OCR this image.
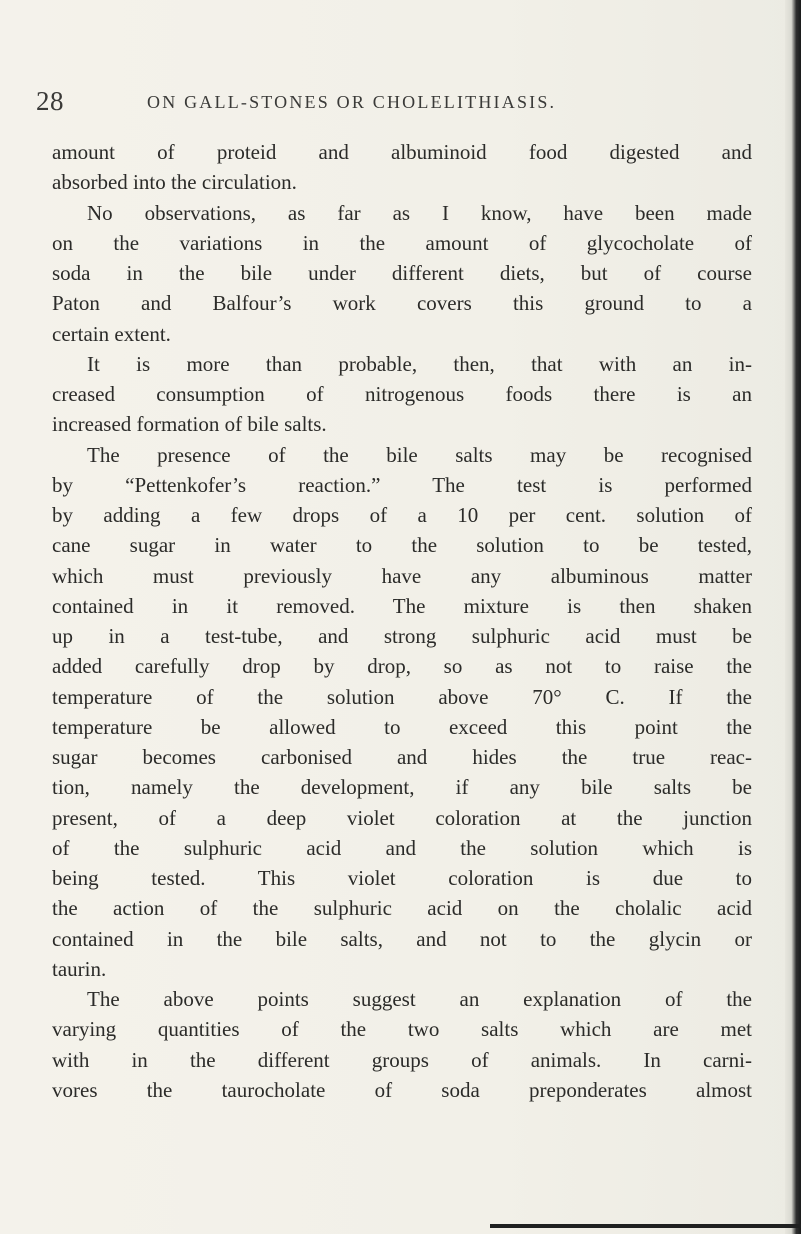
28	ON GALL-STONES OR CHOLELITHIASIS.
amount of proteid and albuminoid food digested and
absorbed into the circulation.
No observations, as far as I know, have been made
on the variations in the amount of glycocholate of
soda in the bile under different diets, but of course
Paton and Balfour’s work covers this ground to a
certain extent.
It is more than probable, then, that with an in-
creased consumption of nitrogenous foods there is an
increased formation of bile salts.
The presence of the bile salts may be recognised
by “Pettenkofer’s reaction.” The test is performed
by adding a few drops of a 10 per cent. solution of
cane sugar in water to the solution to be tested,
which must previously have any albuminous matter
contained in it removed. The mixture is then shaken
up in a test-tube, and strong sulphuric acid must be
added carefully drop by drop, so as not to raise the
temperature of the solution above 70° C. If the
temperature be allowed to exceed this point the
sugar becomes carbonised and hides the true reac-
tion, namely the development, if any bile salts be
present, of a deep violet coloration at the junction
of the sulphuric acid and the solution which is
being tested. This violet coloration is due to
the action of the sulphuric acid on the cholalic acid
contained in the bile salts, and not to the glycin or
taurin.
The above points suggest an explanation of the
varying quantities of the two salts which are met
with in the different groups of animals. In carni-
vores the taurocholate of soda preponderates almost
